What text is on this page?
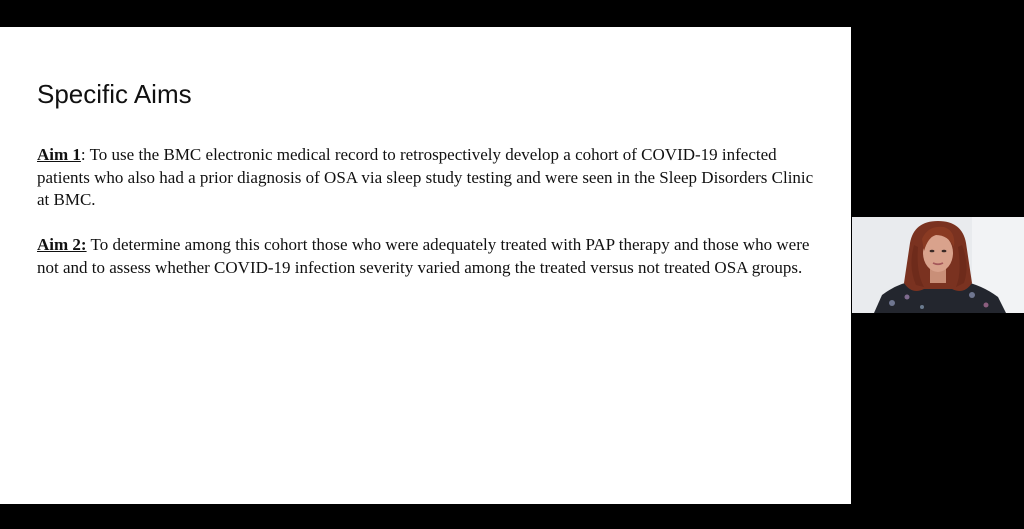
Specific Aims

Aim 1: To use the BMC electronic medical record to retrospectively develop a cohort of COVID-19 infected patients who also had a prior diagnosis of OSA via sleep study testing and were seen in the Sleep Disorders Clinic at BMC.

Aim 2: To determine among this cohort those who were adequately treated with PAP therapy and those who were not and to assess whether COVID-19 infection severity varied among the treated versus not treated OSA groups.
